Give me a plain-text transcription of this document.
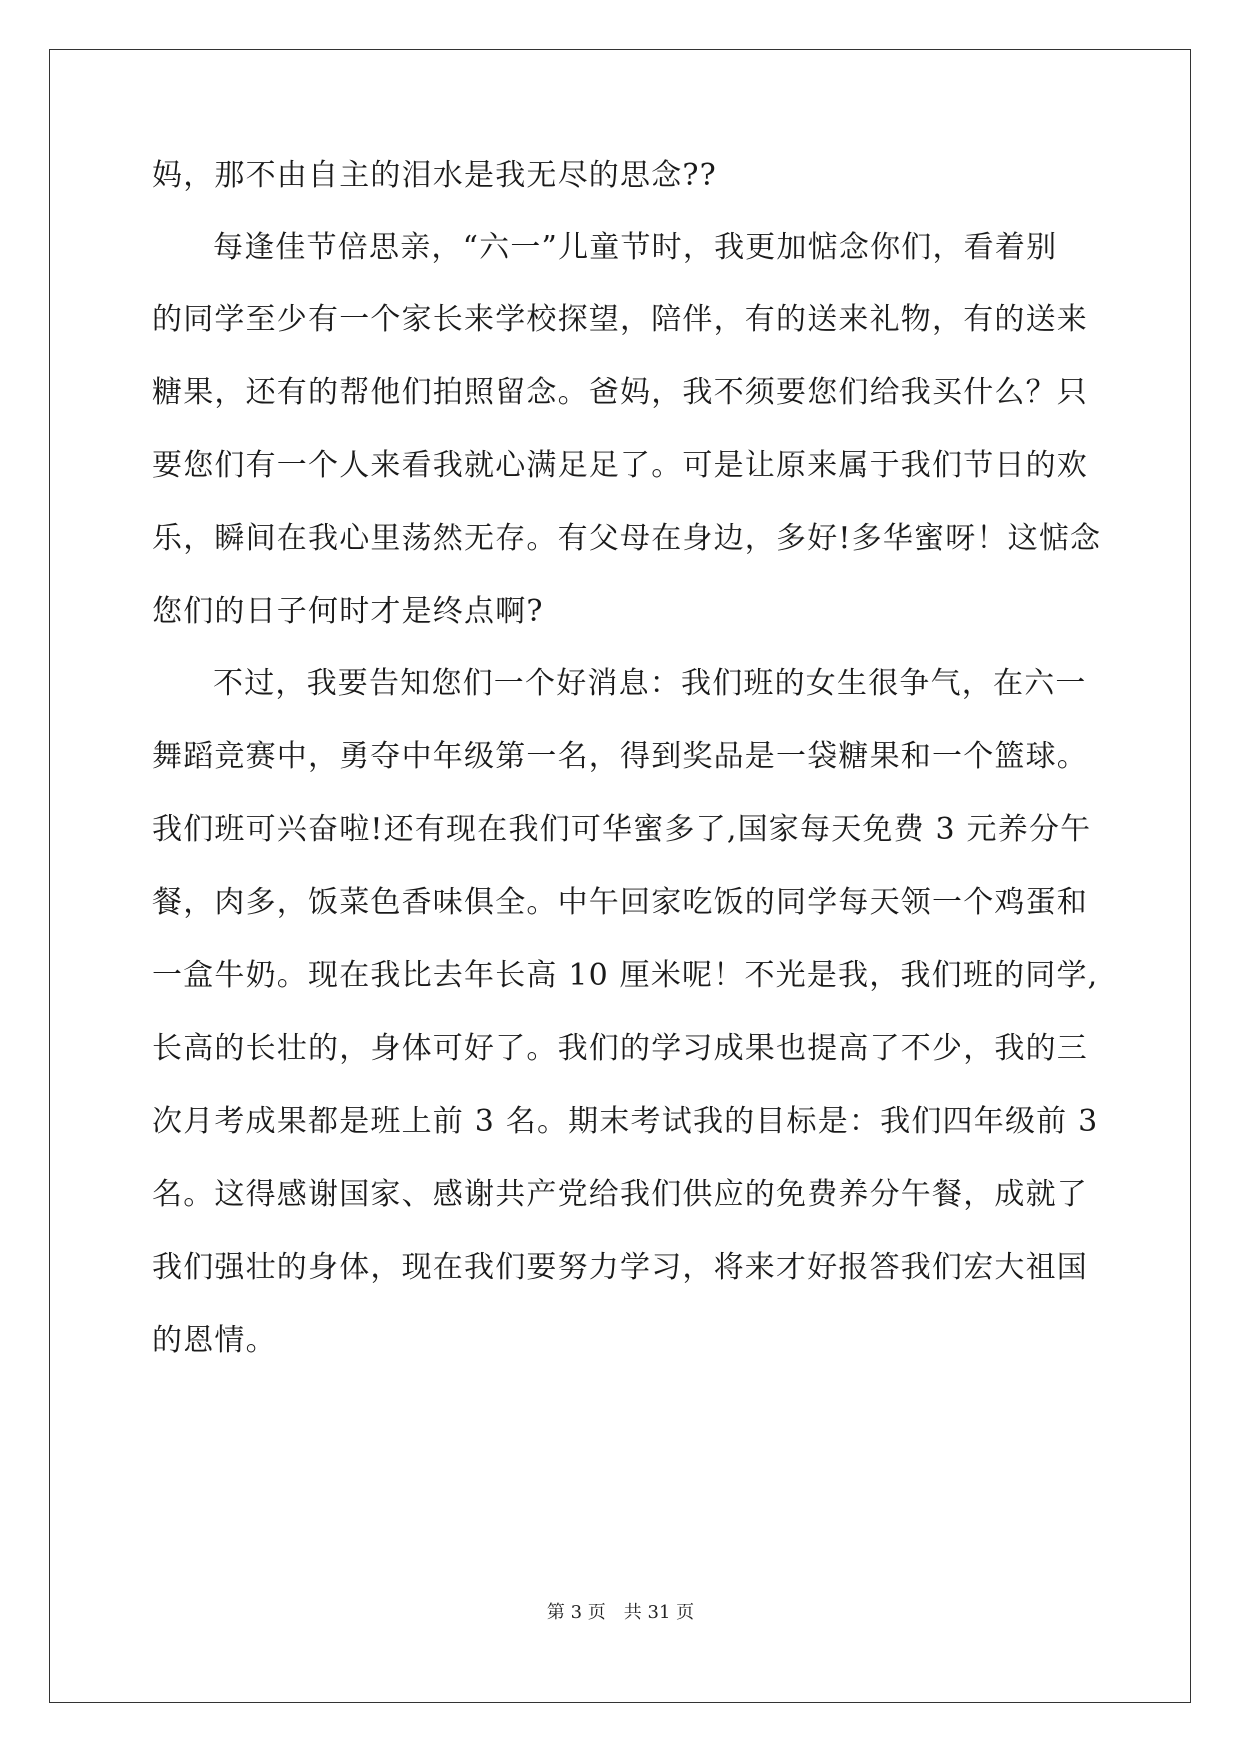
妈，那不由自主的泪水是我无尽的思念??
每逢佳节倍思亲，“六一”儿童节时，我更加惦念你们，看着别
的同学至少有一个家长来学校探望，陪伴，有的送来礼物，有的送来
糖果，还有的帮他们拍照留念。爸妈，我不须要您们给我买什么？只
要您们有一个人来看我就心满足足了。可是让原来属于我们节日的欢
乐，瞬间在我心里荡然无存。有父母在身边，多好!多华蜜呀！这惦念
您们的日子何时才是终点啊?
不过，我要告知您们一个好消息：我们班的女生很争气，在六一
舞蹈竞赛中，勇夺中年级第一名，得到奖品是一袋糖果和一个篮球。
我们班可兴奋啦!还有现在我们可华蜜多了,国家每天免费 3 元养分午
餐，肉多，饭菜色香味俱全。中午回家吃饭的同学每天领一个鸡蛋和
一盒牛奶。现在我比去年长高 10 厘米呢！不光是我，我们班的同学,
长高的长壮的，身体可好了。我们的学习成果也提高了不少，我的三
次月考成果都是班上前 3 名。期末考试我的目标是：我们四年级前 3
名。这得感谢国家、感谢共产党给我们供应的免费养分午餐，成就了
我们强壮的身体，现在我们要努力学习，将来才好报答我们宏大祖国
的恩情。
第 3 页　共 31 页
